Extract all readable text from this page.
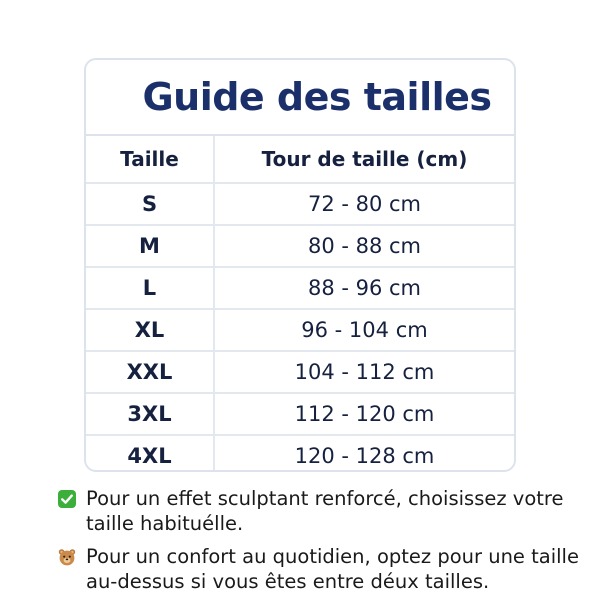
Guide des tailles
Taille	Tour de taille (cm)
S	72 - 80 cm
M	80 - 88 cm
L	88 - 96 cm
XL	96 - 104 cm
XXL	104 - 112 cm
3XL	112 - 120 cm
4XL	120 - 128 cm
Pour un effet sculptant renforcé, choisissez votre taille habituélle.
Pour un confort au quotidien, optez pour une taille au-dessus si vous êtes entre déux tailles.
